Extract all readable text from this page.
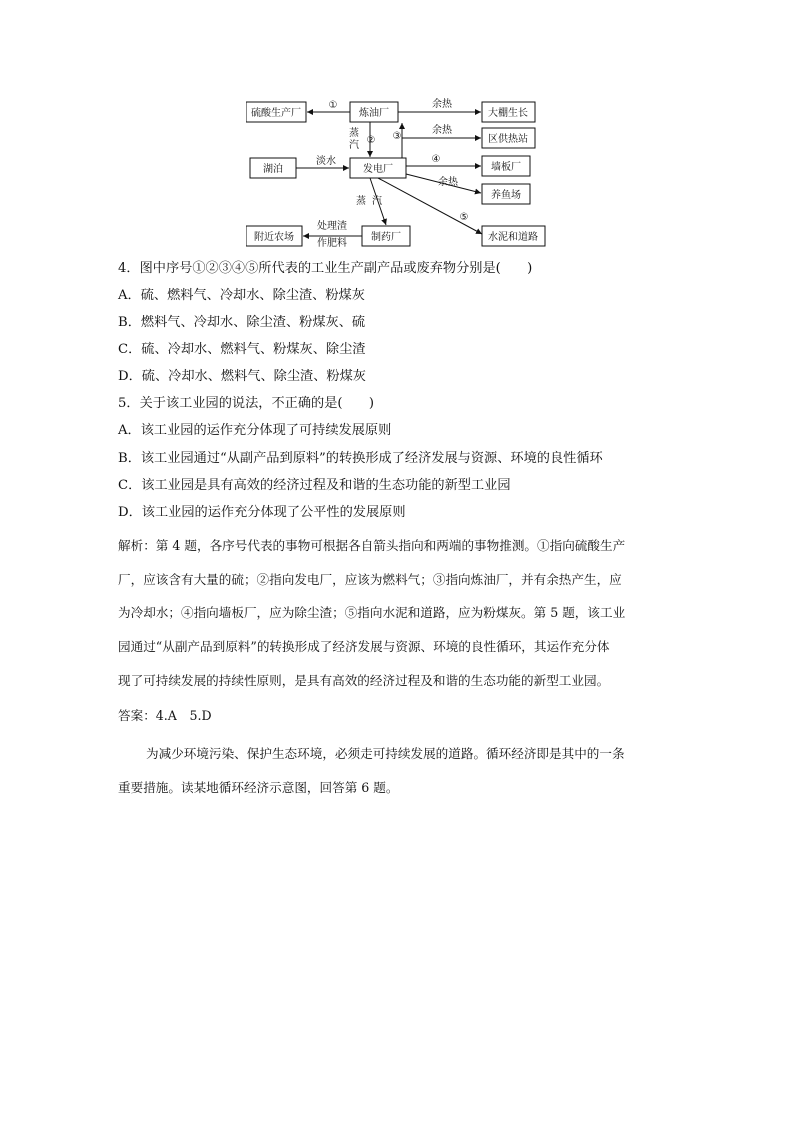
硫酸生产厂	炼油厂	大棚生长
区供热站
湖泊	发电厂	墙板厂
养鱼场
水泥和道路
附近农场	制药厂
①	余热
余热
蒸
汽 ② ③
淡水	④
余热
蒸 汽
⑤
处理渣
作肥料
4．图中序号①②③④⑤所代表的工业生产副产品或废弃物分别是(　　)
A．硫、燃料气、冷却水、除尘渣、粉煤灰
B．燃料气、冷却水、除尘渣、粉煤灰、硫
C．硫、冷却水、燃料气、粉煤灰、除尘渣
D．硫、冷却水、燃料气、除尘渣、粉煤灰
5．关于该工业园的说法，不正确的是(　　)
A．该工业园的运作充分体现了可持续发展原则
B．该工业园通过“从副产品到原料”的转换形成了经济发展与资源、环境的良性循环
C．该工业园是具有高效的经济过程及和谐的生态功能的新型工业园
D．该工业园的运作充分体现了公平性的发展原则
解析：第 4 题，各序号代表的事物可根据各自箭头指向和两端的事物推测。①指向硫酸生产
厂，应该含有大量的硫；②指向发电厂，应该为燃料气；③指向炼油厂，并有余热产生，应
为冷却水；④指向墙板厂，应为除尘渣；⑤指向水泥和道路，应为粉煤灰。第 5 题，该工业
园通过“从副产品到原料”的转换形成了经济发展与资源、环境的良性循环，其运作充分体
现了可持续发展的持续性原则，是具有高效的经济过程及和谐的生态功能的新型工业园。
答案：4.A　5.D
为减少环境污染、保护生态环境，必须走可持续发展的道路。循环经济即是其中的一条
重要措施。读某地循环经济示意图，回答第 6 题。
